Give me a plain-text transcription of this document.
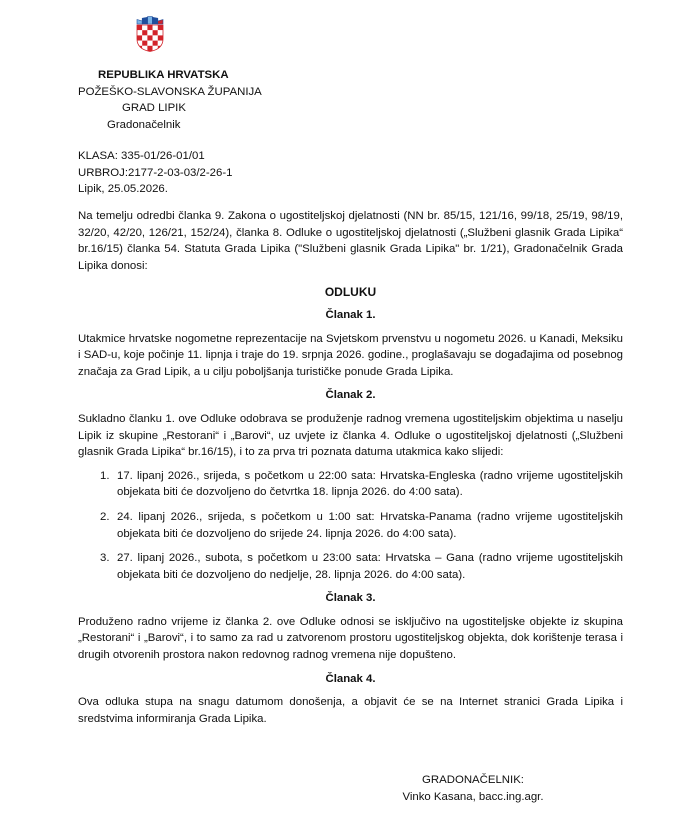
REPUBLIKA HRVATSKA
POŽEŠKO-SLAVONSKA ŽUPANIJA
GRAD LIPIK
Gradonačelnik
KLASA: 335-01/26-01/01
URBROJ:2177-2-03-03/2-26-1
Lipik, 25.05.2026.

Na temelju odredbi članka 9. Zakona o ugostiteljskoj djelatnosti (NN br. 85/15, 121/16, 99/18, 25/19, 98/19, 32/20, 42/20, 126/21, 152/24), članka 8. Odluke o ugostiteljskoj djelatnosti („Službeni glasnik Grada Lipika“ br.16/15) članka 54. Statuta Grada Lipika ("Službeni glasnik Grada Lipika" br. 1/21), Gradonačelnik Grada Lipika donosi:

ODLUKU
Članak 1.

Utakmice hrvatske nogometne reprezentacije na Svjetskom prvenstvu u nogometu 2026. u Kanadi, Meksiku i SAD-u, koje počinje 11. lipnja i traje do 19. srpnja 2026. godine., proglašavaju se događajima od posebnog značaja za Grad Lipik, a u cilju poboljšanja turističke ponude Grada Lipika.

Članak 2.

Sukladno članku 1. ove Odluke odobrava se produženje radnog vremena ugostiteljskim objektima u naselju Lipik iz skupine „Restorani“ i „Barovi“, uz uvjete iz članka 4. Odluke o ugostiteljskoj djelatnosti („Službeni glasnik Grada Lipika“ br.16/15), i to za prva tri poznata datuma utakmica kako slijedi:

1. 17. lipanj 2026., srijeda, s početkom u 22:00 sata: Hrvatska-Engleska (radno vrijeme ugostiteljskih objekata biti će dozvoljeno do četvrtka 18. lipnja 2026. do 4:00 sata).
2. 24. lipanj 2026., srijeda, s početkom u 1:00 sat: Hrvatska-Panama (radno vrijeme ugostiteljskih objekata biti će dozvoljeno do srijede 24. lipnja 2026. do 4:00 sata).
3. 27. lipanj 2026., subota, s početkom u 23:00 sata: Hrvatska – Gana (radno vrijeme ugostiteljskih objekata biti će dozvoljeno do nedjelje, 28. lipnja 2026. do 4:00 sata).
Članak 3.

Produženo radno vrijeme iz članka 2. ove Odluke odnosi se isključivo na ugostiteljske objekte iz skupina „Restorani“ i „Barovi“, i to samo za rad u zatvorenom prostoru ugostiteljskog objekta, dok korištenje terasa i drugih otvorenih prostora nakon redovnog radnog vremena nije dopušteno.

Članak 4.

Ova odluka stupa na snagu datumom donošenja, a objavit će se na Internet stranici Grada Lipika i sredstvima informiranja Grada Lipika.

GRADONAČELNIK:
Vinko Kasana, bacc.ing.agr.
